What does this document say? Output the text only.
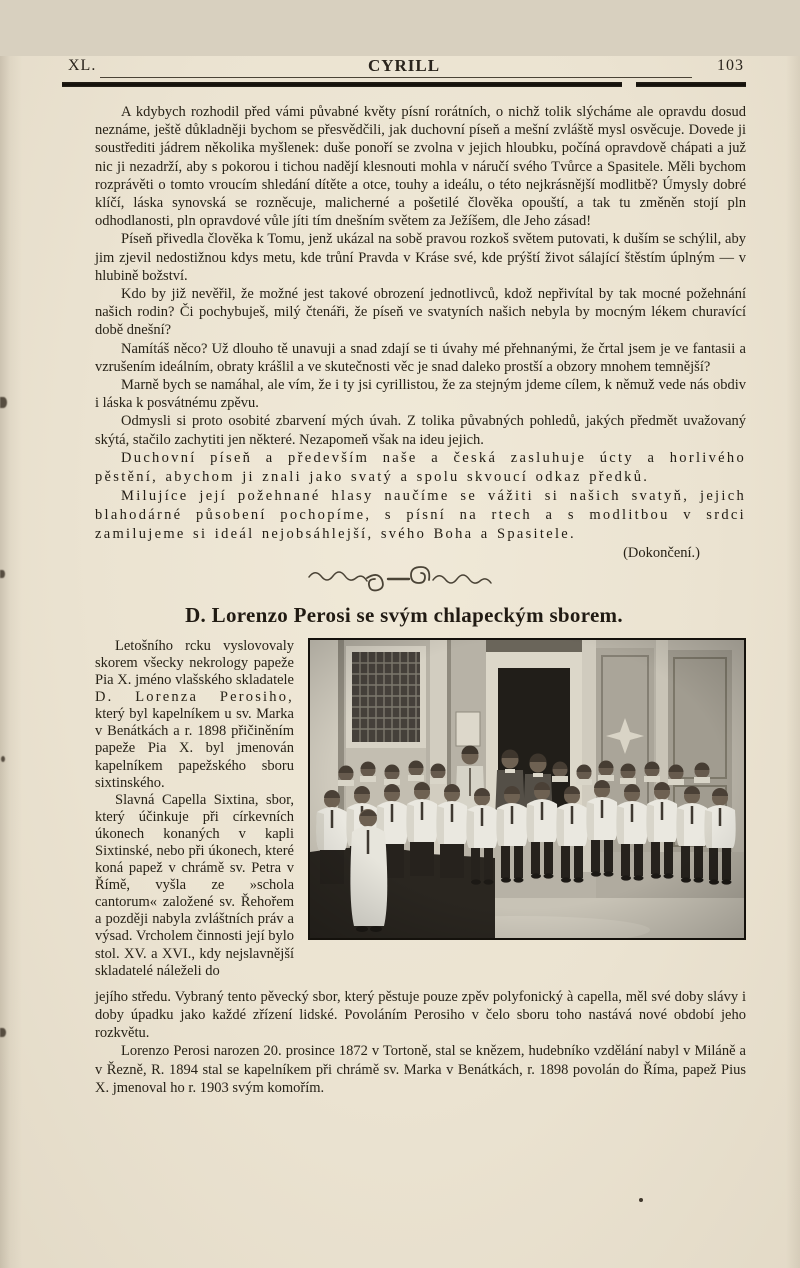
XL.	CYRILL	103

A kdybych rozhodil před vámi půvabné květy písní rorátních, o nichž tolik slýcháme ale opravdu dosud neznáme, ještě důkladněji bychom se přesvědčili, jak duchovní píseň a mešní zvláště mysl osvěcuje. Dovede ji soustřediti jádrem několika myšlenek: duše ponoří se zvolna v jejich hloubku, počíná opravdově chápati a juž nic ji nezadrží, aby s pokorou i tichou nadějí klesnouti mohla v náručí svého Tvůrce a Spasitele. Měli bychom rozprávěti o tomto vroucím shledání dítěte a otce, touhy a ideálu, o této nejkrásnější modlitbě? Úmysly dobré klíčí, láska synovská se rozněcuje, malicherné a pošetilé člověka opouští, a tak tu změněn stojí pln odhodlanosti, pln opravdové vůle jíti tím dnešním světem za Ježíšem, dle Jeho zásad!

Píseň přivedla člověka k Tomu, jenž ukázal na sobě pravou rozkoš světem putovati, k duším se schýlil, aby jim zjevil nedostižnou kdys metu, kde trůní Pravda v Kráse své, kde prýští život sálající štěstím úplným — v hlubině božství.

Kdo by již nevěřil, že možné jest takové obrození jednotlivců, kdož nepřivítal by tak mocné požehnání našich rodin? Či pochybuješ, milý čtenáři, že píseň ve svatyních našich nebyla by mocným lékem churavící době dnešní?

Namítáš něco? Už dlouho tě unavuji a snad zdají se ti úvahy mé přehnanými, že črtal jsem je ve fantasii a vzrušením ideálním, obraty krášlil a ve skutečnosti věc je snad daleko prostší a obzory mnohem temnější?

Marně bych se namáhal, ale vím, že i ty jsi cyrillistou, že za stejným jdeme cílem, k němuž vede nás obdiv i láska k posvátnému zpěvu.

Odmysli si proto osobité zbarvení mých úvah. Z tolika půvabných pohledů, jakých předmět uvažovaný skýtá, stačilo zachytiti jen některé. Nezapomeň však na ideu jejich.

Duchovní píseň a především naše a česká zasluhuje úcty a horlivého pěstění, abychom ji znali jako svatý a spolu skvoucí odkaz předků.

Milujíce její požehnané hlasy naučíme se vážiti si našich svatyň, jejich blahodárné působení pochopíme, s písní na rtech a s modlitbou v srdci zamilujeme si ideál nejobsáhlejší, svého Boha a Spasitele.

(Dokončení.)

D. Lorenzo Perosi se svým chlapeckým sborem.

Letošního rcku vyslovovaly skorem všecky nekrology papeže Pia X. jméno vlašského skladatele D. Lorenza Perosiho, který byl kapelníkem u sv. Marka v Benátkách a r. 1898 přičiněním papeže Pia X. byl jmenován kapelníkem papežského sboru sixtinského.

Slavná Capella Sixtina, sbor, který účinkuje při církevních úkonech konaných v kapli Sixtinské, nebo při úkonech, které koná papež v chrámě sv. Petra v Římě, vyšla ze »schola cantorum« založené sv. Řehořem a později nabyla zvláštních práv a výsad. Vrcholem činnosti její bylo stol. XV. a XVI., kdy nejslavnější skladatelé náleželi do

jejího středu. Vybraný tento pěvecký sbor, který pěstuje pouze zpěv polyfonický à capella, měl své doby slávy i doby úpadku jako každé zřízení lidské. Povoláním Perosiho v čelo sboru toho nastává nové období jeho rozkvětu.

Lorenzo Perosi narozen 20. prosince 1872 v Tortoně, stal se knězem, hudebníko vzdělání nabyl v Miláně a v Řezně, R. 1894 stal se kapelníkem při chrámě sv. Marka v Benátkách, r. 1898 povolán do Říma, papež Pius X. jmenoval ho r. 1903 svým komořím.
